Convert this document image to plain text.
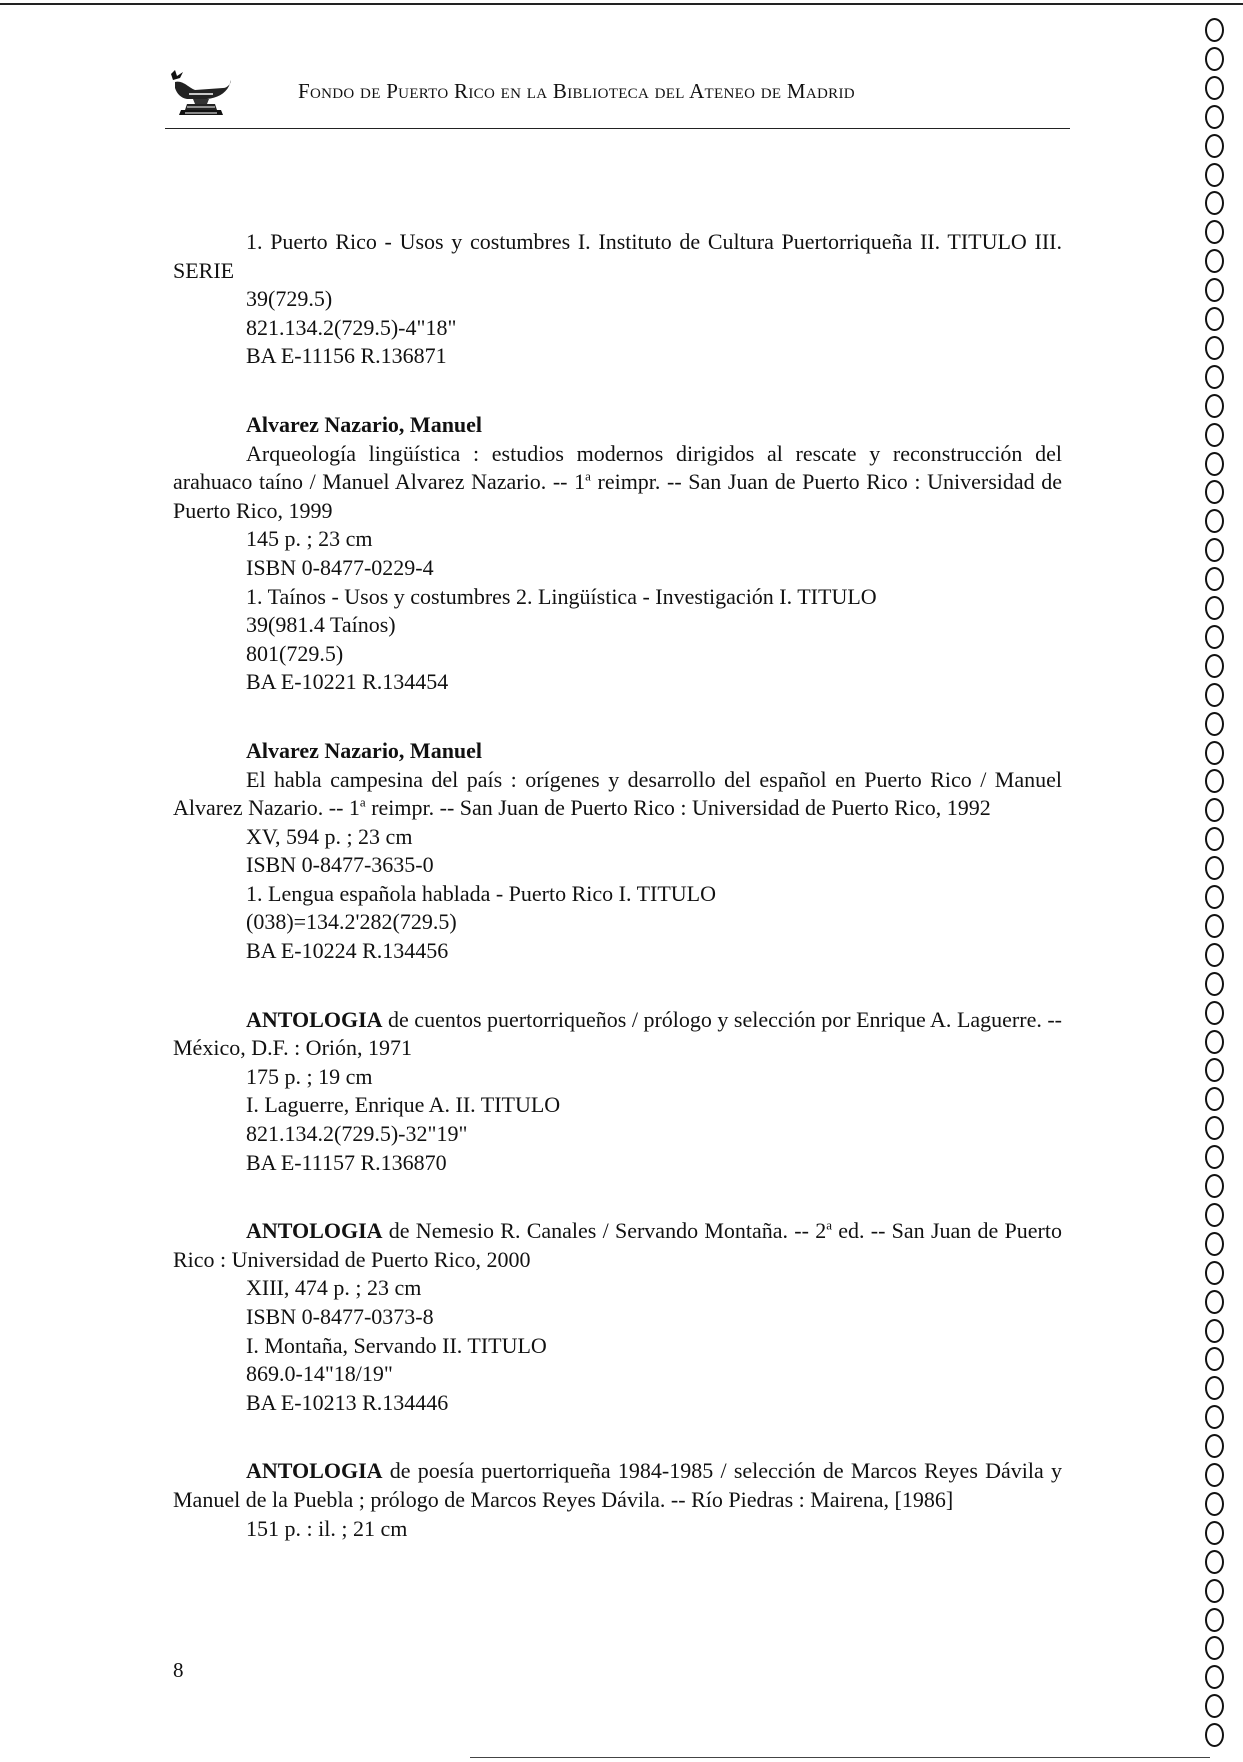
Fondo de Puerto Rico en la Biblioteca del Ateneo de Madrid

1. Puerto Rico - Usos y costumbres I. Instituto de Cultura Puertorriqueña II. TITULO III. SERIE

39(729.5)

821.134.2(729.5)-4"18"

BA E-11156 R.136871

Alvarez Nazario, Manuel

Arqueología lingüística : estudios modernos dirigidos al rescate y reconstrucción del arahuaco taíno / Manuel Alvarez Nazario. -- 1$^a$ reimpr. -- San Juan de Puerto Rico : Universidad de Puerto Rico, 1999

145 p. ; 23 cm

ISBN 0-8477-0229-4

1. Taínos - Usos y costumbres 2. Lingüística - Investigación I. TITULO

39(981.4 Taínos)

801(729.5)

BA E-10221 R.134454

Alvarez Nazario, Manuel

El habla campesina del país : orígenes y desarrollo del español en Puerto Rico / Manuel Alvarez Nazario. -- 1$^a$ reimpr. -- San Juan de Puerto Rico : Universidad de Puerto Rico, 1992

XV, 594 p. ; 23 cm

ISBN 0-8477-3635-0

1. Lengua española hablada - Puerto Rico I. TITULO

(038)=134.2'282(729.5)

BA E-10224 R.134456

ANTOLOGIA de cuentos puertorriqueños / prólogo y selección por Enrique A. Laguerre. -- México, D.F. : Orión, 1971

175 p. ; 19 cm

I. Laguerre, Enrique A. II. TITULO

821.134.2(729.5)-32"19"

BA E-11157 R.136870

ANTOLOGIA de Nemesio R. Canales / Servando Montaña. -- 2$^a$ ed. -- San Juan de Puerto Rico : Universidad de Puerto Rico, 2000

XIII, 474 p. ; 23 cm

ISBN 0-8477-0373-8

I. Montaña, Servando II. TITULO

869.0-14"18/19"

BA E-10213 R.134446

ANTOLOGIA de poesía puertorriqueña 1984-1985 / selección de Marcos Reyes Dávila y Manuel de la Puebla ; prólogo de Marcos Reyes Dávila. -- Río Piedras : Mairena, [1986]

151 p. : il. ; 21 cm

8
